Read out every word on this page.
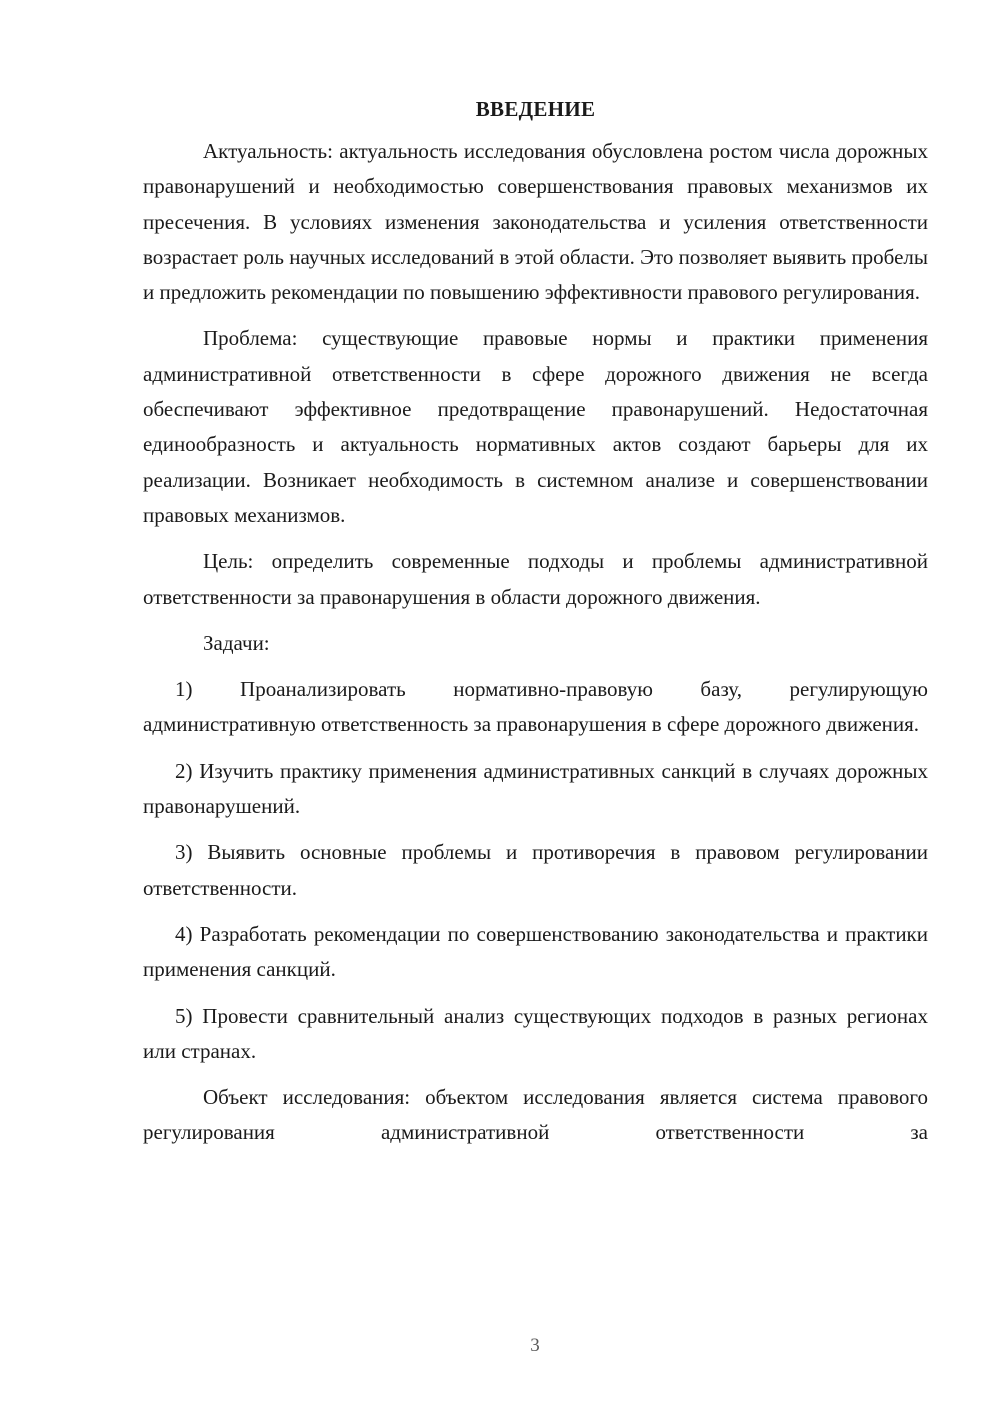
ВВЕДЕНИЕ

Актуальность: актуальность исследования обусловлена ростом числа дорожных правонарушений и необходимостью совершенствования правовых механизмов их пресечения. В условиях изменения законодательства и усиления ответственности возрастает роль научных исследований в этой области. Это позволяет выявить пробелы и предложить рекомендации по повышению эффективности правового регулирования.

Проблема: существующие правовые нормы и практики применения административной ответственности в сфере дорожного движения не всегда обеспечивают эффективное предотвращение правонарушений. Недостаточная единообразность и актуальность нормативных актов создают барьеры для их реализации. Возникает необходимость в системном анализе и совершенствовании правовых механизмов.

Цель: определить современные подходы и проблемы административной ответственности за правонарушения в области дорожного движения.

Задачи:

1) Проанализировать нормативно-правовую базу, регулирующую административную ответственность за правонарушения в сфере дорожного движения.

2) Изучить практику применения административных санкций в случаях дорожных правонарушений.

3) Выявить основные проблемы и противоречия в правовом регулировании ответственности.

4) Разработать рекомендации по совершенствованию законодательства и практики применения санкций.

5) Провести сравнительный анализ существующих подходов в разных регионах или странах.

Объект исследования: объектом исследования является система правового регулирования административной ответственности за

3
